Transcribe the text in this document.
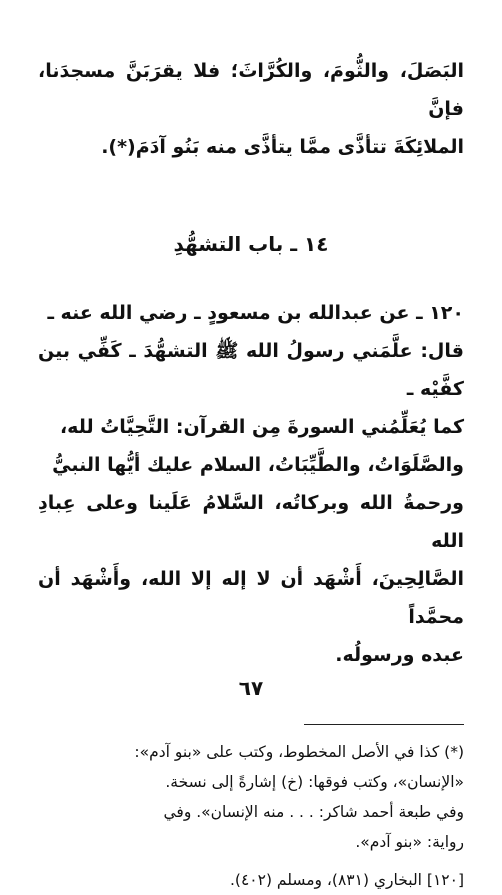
البَصَلَ، والثُّومَ، والكُرَّاثَ؛ فلا يقرَبَنَّ مسجدَنا، فإنَّ
الملائِكَةَ تتأذَّى ممَّا يتأذَّى منه بَنُو آدَمَ(*).

١٤ ـ باب التشهُّدِ

١٢٠ ـ عن عبدالله بن مسعودٍ ـ رضي الله عنه ـ
قال: علَّمَني رسولُ الله ﷺ التشهُّدَ ـ كَفِّي بين كفَّيْه ـ
كما يُعَلِّمُني السورةَ مِن القرآن: التَّحِيَّاتُ لله،
والصَّلَوَاتُ، والطَّيِّبَاتُ، السلام عليك أيُّها النبيُّ
ورحمةُ الله وبركاتُه، السَّلامُ عَلَينا وعلى عِبادِ الله
الصَّالِحِينَ، أَشْهَد أن لا إله إلا الله، وأَشْهَد أن محمَّداً
عبده ورسولُه.

(*) كذا في الأصل المخطوط، وكتب على «بنو آدم»:
«الإنسان»، وكتب فوقها: (خ) إشارةً إلى نسخة.
وفي طبعة أحمد شاكر: . . . منه الإنسان». وفي
رواية: «بنو آدم».

[١٢٠] البخاري (٨٣١)، ومسلم (٤٠٢).
٦٧
